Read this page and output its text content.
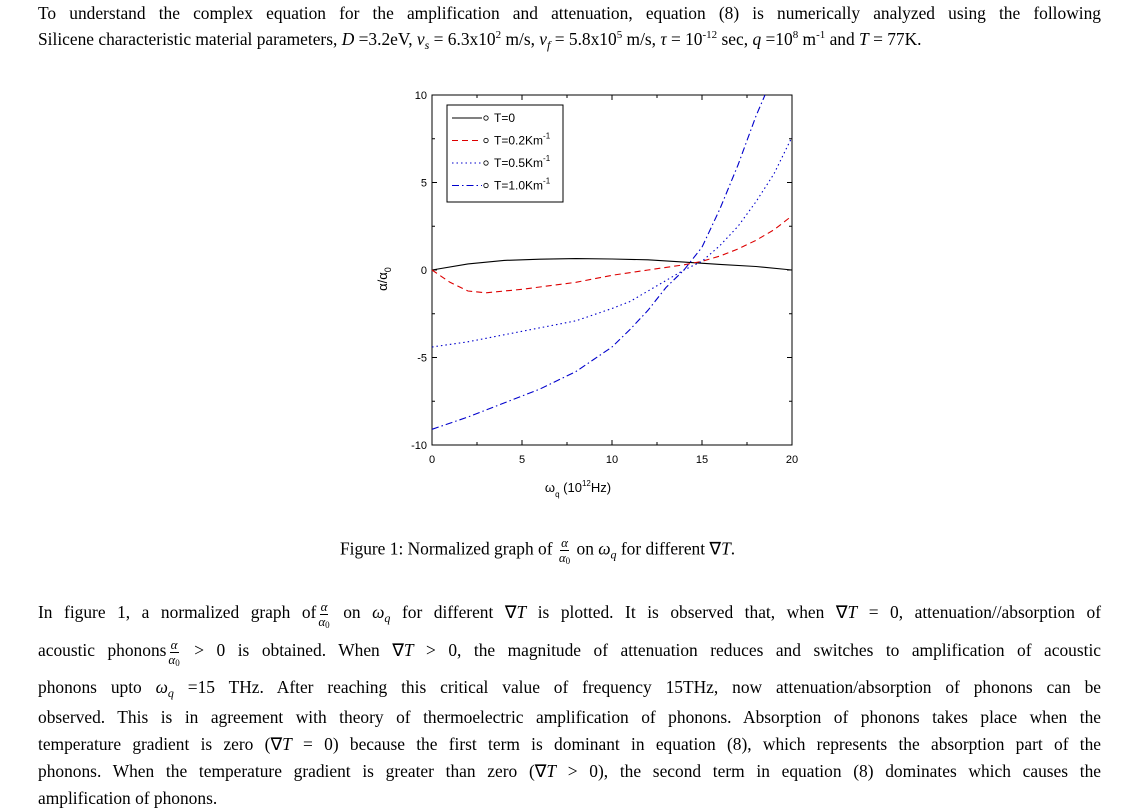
To understand the complex equation for the amplification and attenuation, equation (8) is numerically analyzed using the following
Silicene characteristic material parameters, D =3.2eV, $v_s = 6.3x10^2$ m/s, $v_f = 5.8x10^5$ m/s, $\tau = 10^{-12}$ sec, $q =10^8$ $m^{-1}$ and T = 77K.
0	5	10	15	20
-10
-5
0
5
10
T=0
$T=0.2Km^{-1}$
$T=0.5Km^{-1}$
$T=1.0Km^{-1}$
$\omega_q$ $(10^{12}Hz)$
$\alpha/\alpha_0$
Figure 1: Normalized graph of $\frac{\alpha}{\alpha_0}$ on $\omega_q$ for different ∇T.
In figure 1, a normalized graph of $\frac{\alpha}{\alpha_0}$ on $\omega_q$ for different ∇T is plotted. It is observed that, when ∇T = 0, attenuation//absorption of
acoustic phonons $\frac{\alpha}{\alpha_0} > 0$ is obtained. When ∇T > 0, the magnitude of attenuation reduces and switches to amplification of acoustic
phonons upto $\omega_q =15$ THz. After reaching this critical value of frequency 15THz, now attenuation/absorption of phonons can be
observed. This is in agreement with theory of thermoelectric amplification of phonons. Absorption of phonons takes place when the
temperature gradient is zero (∇T = 0) because the first term is dominant in equation (8), which represents the absorption part of the
phonons. When the temperature gradient is greater than zero (∇T > 0), the second term in equation (8) dominates which causes the
amplification of phonons.
